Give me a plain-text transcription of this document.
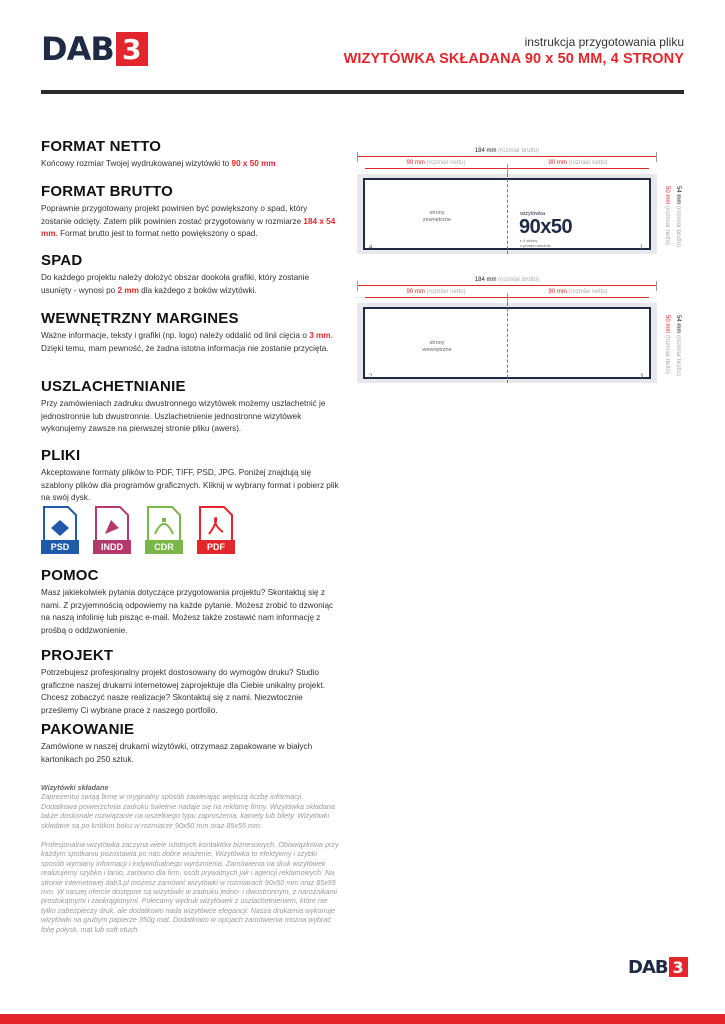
DAB 3	instrukcja przygotowania pliku
WIZYTÓWKA SKŁADANA 90 x 50 MM, 4 STRONY
FORMAT NETTO

Końcowy rozmiar Twojej wydrukowanej wizytówki to 90 x 50 mm

FORMAT BRUTTO

Poprawnie przygotowany projekt powinien być powiększony o spad, który zostanie odcięty. Zatem plik powinien zostać przygotowany w rozmiarze 184 x 54 mm. Format brutto jest to format netto powiększony o spad.

SPAD

Do każdego projektu należy dołożyć obszar dookoła grafiki, który zostanie usunięty - wynosi po 2 mm dla każdego z boków wizytówki.

WEWNĘTRZNY MARGINES

Ważne informacje, teksty i grafiki (np. logo) należy oddalić od linii cięcia o 3 mm. Dzięki temu, mam pewność, że żadna istotna informacja nie zostanie przycięta.

USZLACHETNIANIE

Przy zamówieniach zadruku dwustronnego wizytówek możemy uszlachetnić je jednostronnie lub dwustronnie. Uszlachetnienie jednostronne wizytówek wykonujemy zawsze na pierwszej stronie pliku (awers).

PLIKI

Akceptowane formaty plików to PDF, TIFF, PSD, JPG. Poniżej znajdują się szablony plików dla programów graficznych. Kliknij w wybrany format i pobierz plik na swój dysk.

PSD	INDD	CDR	PDF
POMOC

Masz jakiekolwiek pytania dotyczące przygotowania projektu? Skontaktuj się z nami. Z przyjemnością odpowiemy na każde pytanie. Możesz zrobić to dzwoniąc na naszą infolinię lub pisząc e-mail. Możesz także zostawić nam informację z prośbą o oddzwonienie.

PROJEKT

Potrzebujesz profesjonalny projekt dostosowany do wymogów druku? Studio graficzne naszej drukarni internetowej zaprojektuje dla Ciebie unikalny projekt. Chcesz zobaczyć nasze realizacje? Skontaktuj się z nami. Niezwtocznie prześlemy Ci wybrane prace z naszego portfolio.

PAKOWANIE

Zamówione w naszej drukarni wizytówki, otrzymasz zapakowane w białych kartonikach po 250 sztuk.

Wizytówki składane
Zaprezentuj swoją firmę w oryginalny sposób zawierając większą liczbę informacji. Dodatkowa powierzchnia zadruku świetnie nadaje się na reklamę firmy. Wizytówka składana także doskonale rozwiązanie na wszelkiego typu zaproszenia, kamety lub bilety. Wizytówki składane są po krótkim boku w rozmiarze 90x50 mm oraz 85x55 mm.
Profesjonalna wizytówka zaczyna wiele istotnych kontaktów biznesowych. Obowiązkowa przy każdym spotkaniu pozostawia po nas dobre wrażenie. Wizytówka to efektywny i szybki sposób wymiany informacji i indywidualnego wyróżnienia. Zamówienia na druk wizytówek realizujemy szybko i tanio, zarówno dla firm, osób prywatnych jak i agencji reklamowych. Na stronie internetowej dab3.pl możesz zamówić wizytówki w rozmiarach 90x50 mm oraz 85x55 mm. W naszej ofercie dostępne są wizytówki w zadruku jedno- i dwustronnym, z narożnikami prostokątnymi i zaokrąglonymi. Polecamy wydruk wizytówek z uszlachetnieniem, które nie tylko zabezpieczy druk, ale dodatkowo nada wizytówce elegancji. Nasza drukarnia wykonuje wizytówki na grubym papierze 350g mat. Dodatkowo w opcjach zamówienia można wybrać folię połysk, mat lub soft otuch.
184 mm (rozmiar brutto)
90 mm (rozmiar netto)	90 mm (rozmiar netto)
strony
zewnętrzne
wizytówka
90x50
x 4 strony
z prosta narożnik
4	1
54 mm (rozmiar brutto)
50 mm (rozmiar netto)
184 mm (rozmiar brutto)
90 mm (rozmiar netto)	90 mm (rozmiar netto)
strony
wewnętrzne
2	3
54 mm (rozmiar brutto)
50 mm (rozmiar netto)
DAB 3
